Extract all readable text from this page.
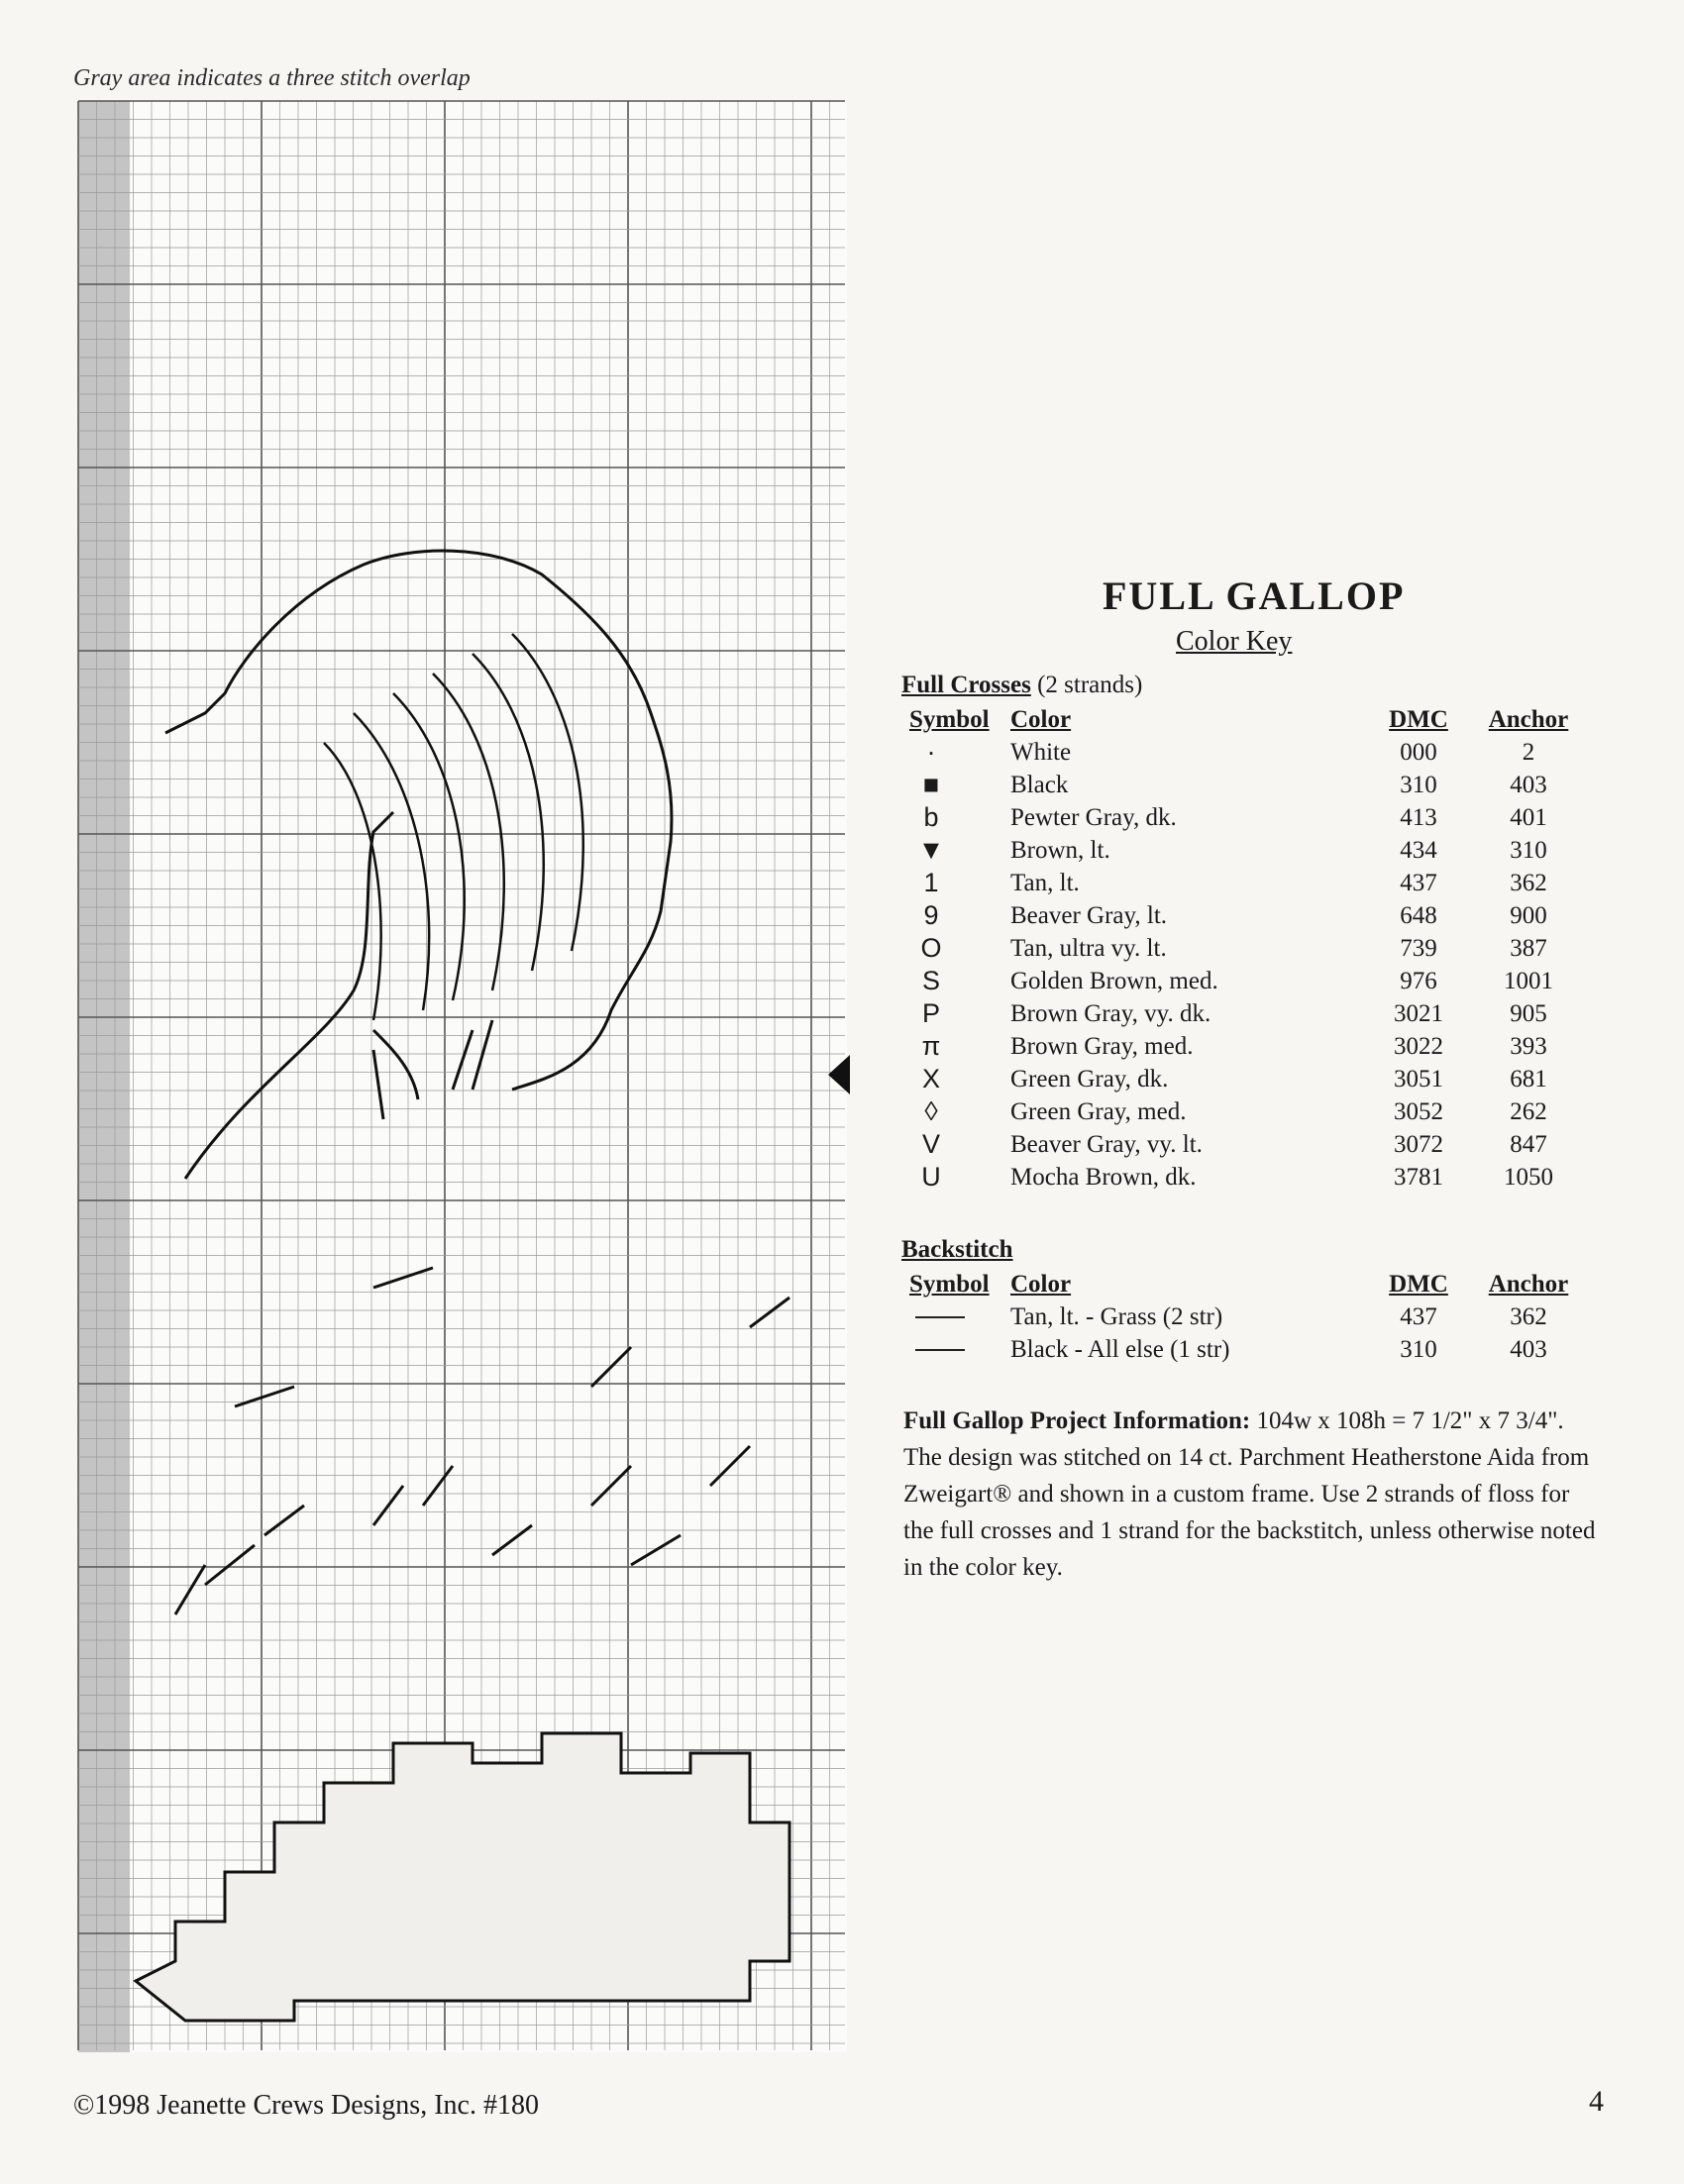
Gray area indicates a three stitch overlap
FULL GALLOP
Color Key
Full Crosses (2 strands)
Symbol Color	DMC	Anchor
·	White	000	2
■	Black	310	403
b	Pewter Gray, dk.	413	401
▼	Brown, lt.	434	310
1	Tan, lt.	437	362
9	Beaver Gray, lt.	648	900
O	Tan, ultra vy. lt.	739	387
S	Golden Brown, med.	976	1001
P	Brown Gray, vy. dk.	3021	905
π	Brown Gray, med.	3022	393
X	Green Gray, dk.	3051	681
◊	Green Gray, med.	3052	262
V	Beaver Gray, vy. lt.	3072	847
U	Mocha Brown, dk.	3781	1050
Backstitch
Symbol Color	DMC	Anchor
Tan, lt. - Grass (2 str)	437	362
Black - All else (1 str)	310	403
Full Gallop Project Information: 104w x 108h = 7 1/2" x 7 3/4". The design was stitched on 14 ct. Parchment Heatherstone Aida from Zweigart® and shown in a custom frame. Use 2 strands of floss for the full crosses and 1 strand for the backstitch, unless otherwise noted in the color key.
©1998 Jeanette Crews Designs, Inc. #180	4
